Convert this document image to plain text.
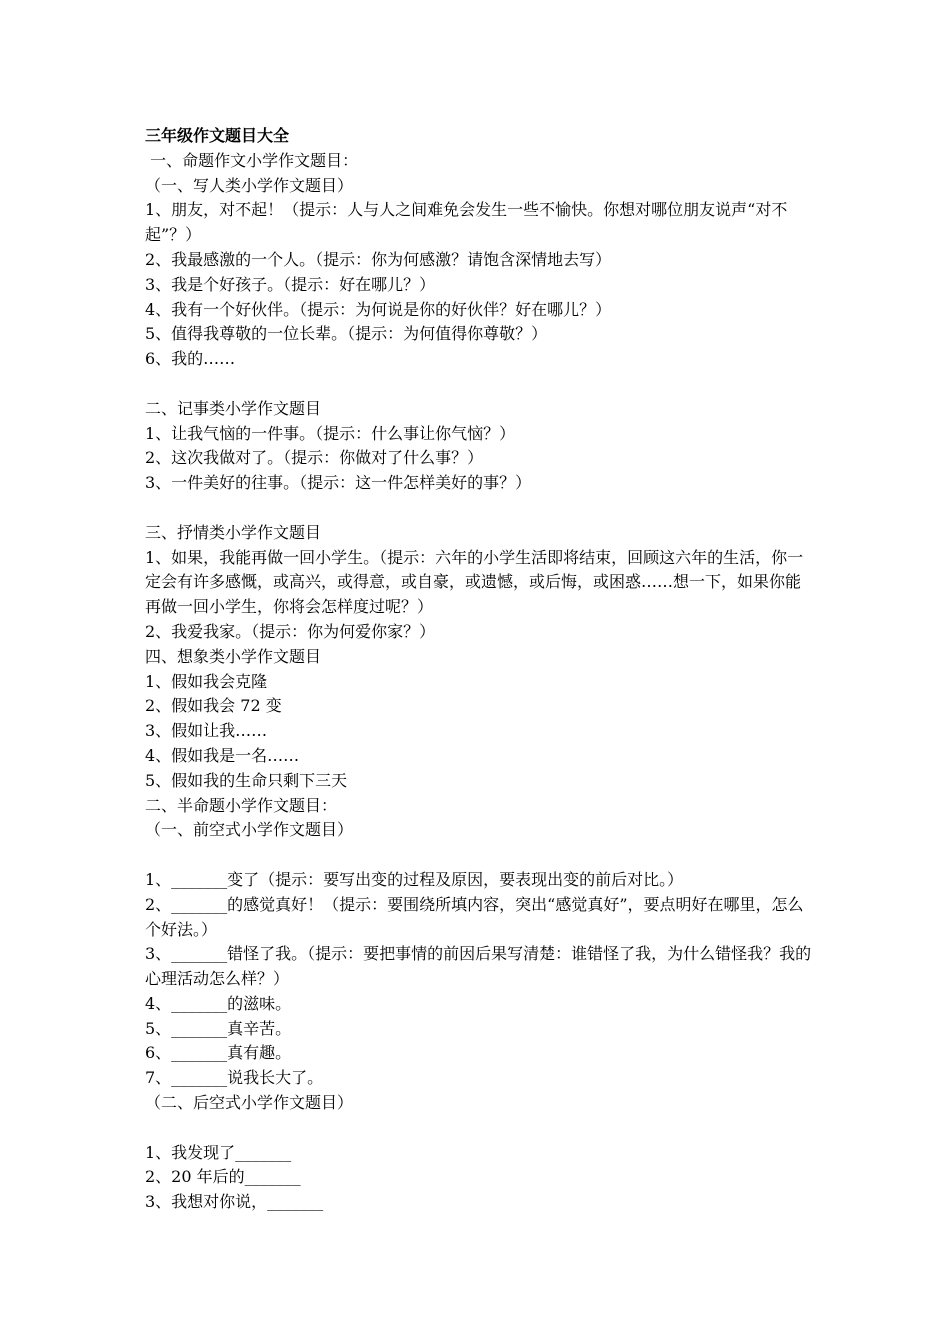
三年级作文题目大全
一、命题作文小学作文题目：
（一、写人类小学作文题目）
1、朋友，对不起！（提示：人与人之间难免会发生一些不愉快。你想对哪位朋友说声“对不起”？）
2、我最感激的一个人。（提示：你为何感激？请饱含深情地去写）
3、我是个好孩子。（提示：好在哪儿？）
4、我有一个好伙伴。（提示：为何说是你的好伙伴？好在哪儿？）
5、值得我尊敬的一位长辈。（提示：为何值得你尊敬？）
6、我的……
二、记事类小学作文题目
1、让我气恼的一件事。（提示：什么事让你气恼？）
2、这次我做对了。（提示：你做对了什么事？）
3、一件美好的往事。（提示：这一件怎样美好的事？）
三、抒情类小学作文题目
1、如果，我能再做一回小学生。（提示：六年的小学生活即将结束，回顾这六年的生活，你一定会有许多感慨，或高兴，或得意，或自豪，或遗憾，或后悔，或困惑……想一下，如果你能再做一回小学生，你将会怎样度过呢？）
2、我爱我家。（提示：你为何爱你家？）
四、想象类小学作文题目
1、假如我会克隆
2、假如我会 72 变
3、假如让我……
4、假如我是一名……
5、假如我的生命只剩下三天
二、半命题小学作文题目：
（一、前空式小学作文题目）
1、_______变了（提示：要写出变的过程及原因，要表现出变的前后对比。）
2、_______的感觉真好！（提示：要围绕所填内容，突出“感觉真好”，要点明好在哪里，怎么个好法。）
3、_______错怪了我。（提示：要把事情的前因后果写清楚：谁错怪了我，为什么错怪我？我的心理活动怎么样？）
4、_______的滋味。
5、_______真辛苦。
6、_______真有趣。
7、_______说我长大了。
（二、后空式小学作文题目）
1、我发现了_______
2、20 年后的_______
3、我想对你说，_______
